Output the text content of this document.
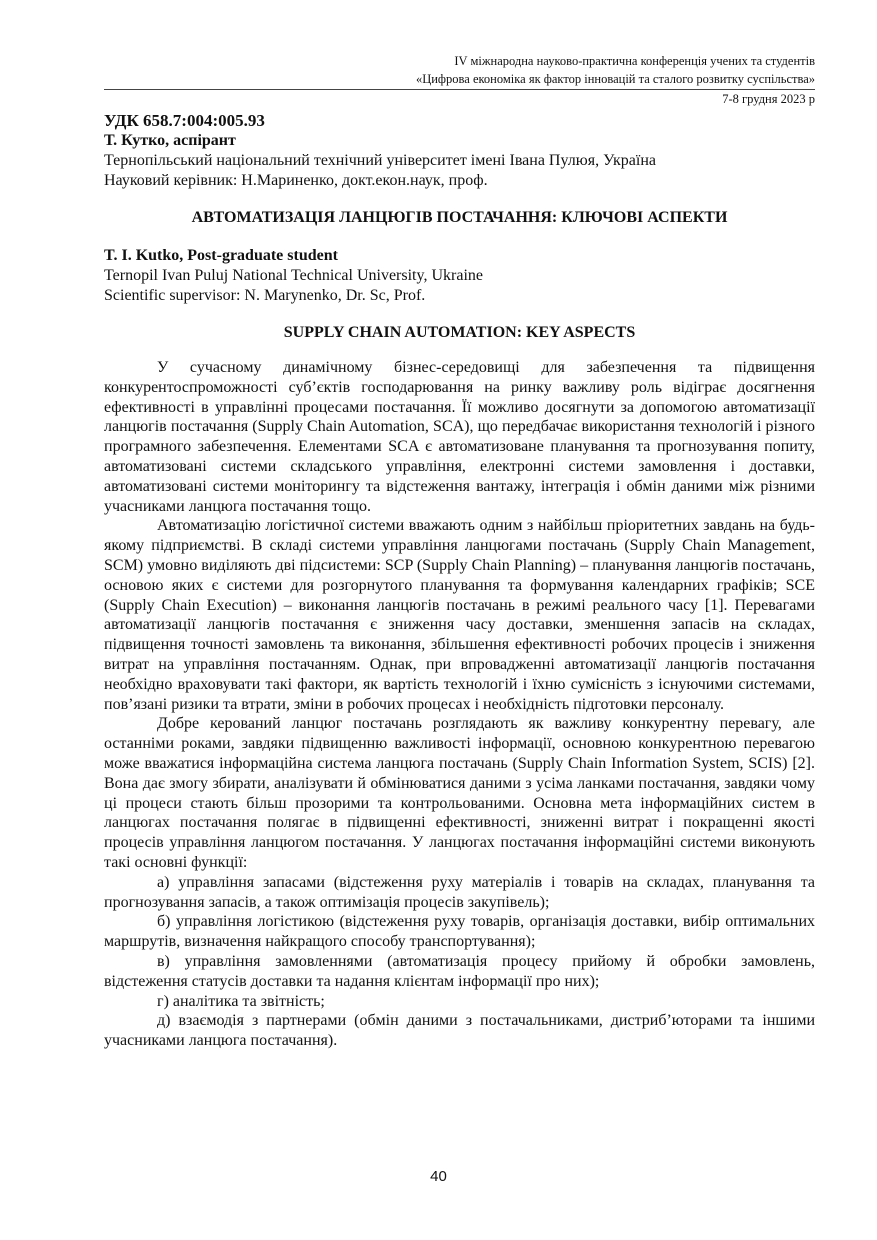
IV міжнародна науково-практична конференція учених та студентів
«Цифрова економіка як фактор інновацій та сталого розвитку суспільства»
7-8 грудня 2023 р
УДК 658.7:004:005.93
Т. Кутко, аспірант
Тернопільський національний технічний університет імені Івана Пулюя, Україна
Науковий керівник: Н.Мариненко, докт.екон.наук, проф.
АВТОМАТИЗАЦІЯ ЛАНЦЮГІВ ПОСТАЧАННЯ: КЛЮЧОВІ АСПЕКТИ
T. I. Kutko, Post-graduate student
Ternopil Ivan Puluj National Technical University, Ukraine
Scientific supervisor: N. Marynenko, Dr. Sc, Prof.
SUPPLY CHAIN AUTOMATION: KEY ASPECTS

У сучасному динамічному бізнес-середовищі для забезпечення та підвищення конкурентоспроможності суб’єктів господарювання на ринку важливу роль відіграє досягнення ефективності в управлінні процесами постачання. Її можливо досягнути за допомогою автоматизації ланцюгів постачання (Supply Chain Automation, SCA), що передбачає використання технологій і різного програмного забезпечення. Елементами SCA є автоматизоване планування та прогнозування попиту, автоматизовані системи складського управління, електронні системи замовлення і доставки, автоматизовані системи моніторингу та відстеження вантажу, інтеграція і обмін даними між різними учасниками ланцюга постачання тощо.

Автоматизацію логістичної системи вважають одним з найбільш пріоритетних завдань на будь-якому підприємстві. В складі системи управління ланцюгами постачань (Supply Chain Management, SCM) умовно виділяють дві підсистеми: SCP (Supply Chain Planning) – планування ланцюгів постачань, основою яких є системи для розгорнутого планування та формування календарних графіків; SCE (Supply Chain Execution) – виконання ланцюгів постачань в режимі реального часу [1]. Перевагами автоматизації ланцюгів постачання є зниження часу доставки, зменшення запасів на складах, підвищення точності замовлень та виконання, збільшення ефективності робочих процесів і зниження витрат на управління постачанням. Однак, при впровадженні автоматизації ланцюгів постачання необхідно враховувати такі фактори, як вартість технологій і їхню сумісність з існуючими системами, пов’язані ризики та втрати, зміни в робочих процесах і необхідність підготовки персоналу.

Добре керований ланцюг постачань розглядають як важливу конкурентну перевагу, але останніми роками, завдяки підвищенню важливості інформації, основною конкурентною перевагою може вважатися інформаційна система ланцюга постачань (Supply Chain Information System, SCIS) [2]. Вона дає змогу збирати, аналізувати й обмінюватися даними з усіма ланками постачання, завдяки чому ці процеси стають більш прозорими та контрольованими. Основна мета інформаційних систем в ланцюгах постачання полягає в підвищенні ефективності, зниженні витрат і покращенні якості процесів управління ланцюгом постачання. У ланцюгах постачання інформаційні системи виконують такі основні функції:

а) управління запасами (відстеження руху матеріалів і товарів на складах, планування та прогнозування запасів, а також оптимізація процесів закупівель);

б) управління логістикою (відстеження руху товарів, організація доставки, вибір оптимальних маршрутів, визначення найкращого способу транспортування);

в) управління замовленнями (автоматизація процесу прийому й обробки замовлень, відстеження статусів доставки та надання клієнтам інформації про них);

г) аналітика та звітність;

д) взаємодія з партнерами (обмін даними з постачальниками, дистриб’юторами та іншими учасниками ланцюга постачання).

40
